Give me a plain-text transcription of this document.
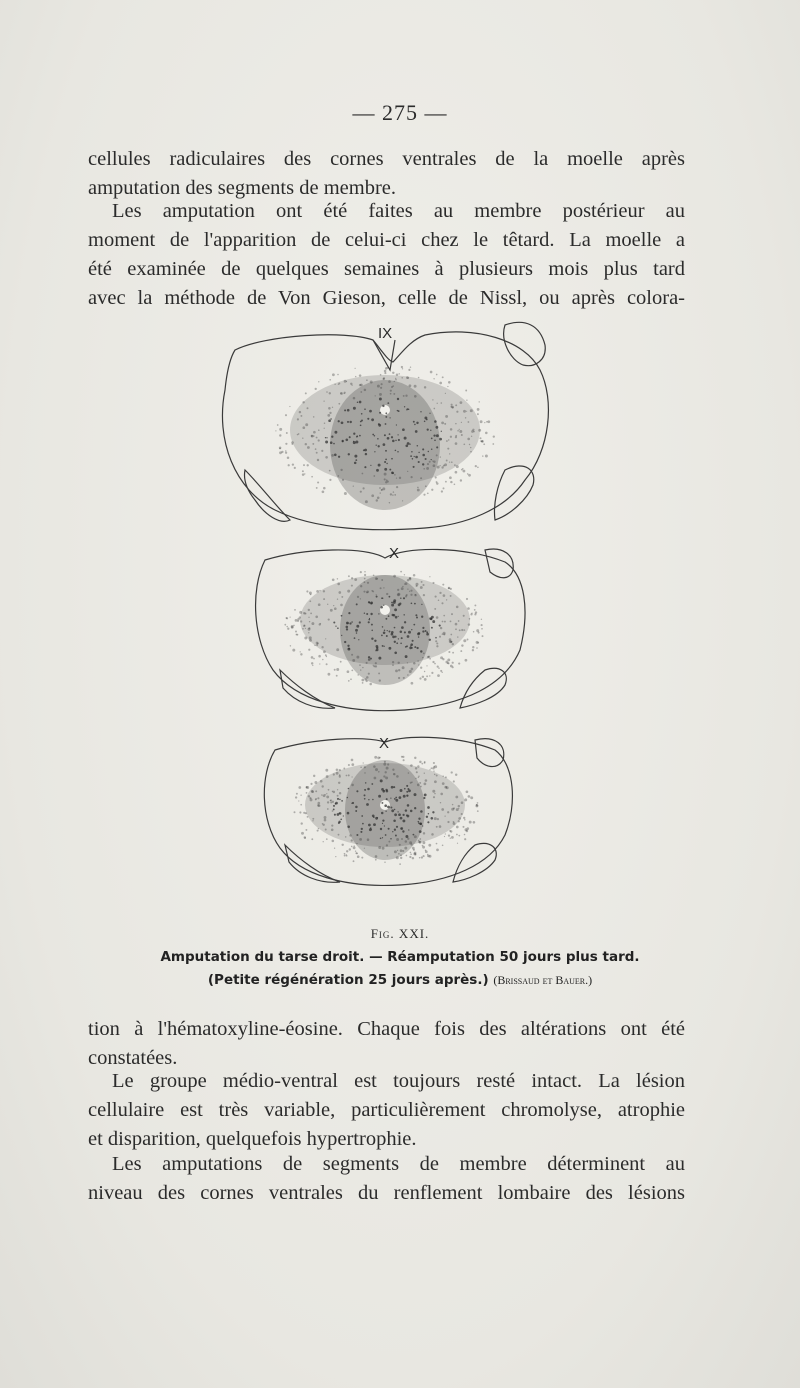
— 275 —

cellules radiculaires des cornes ventrales de la moelle après
amputation des segments de membre.

Les amputation ont été faites au membre postérieur au
moment de l'apparition de celui-ci chez le têtard. La moelle a
été examinée de quelques semaines à plusieurs mois plus tard
avec la méthode de Von Gieson, celle de Nissl, ou après colora-

IX
X
X
Fig. XXI.
Amputation du tarse droit. — Réamputation 50 jours plus tard.
(Petite régénération 25 jours après.) (Brissaud et Bauer.)

tion à l'hématoxyline-éosine. Chaque fois des altérations ont été
constatées.

Le groupe médio-ventral est toujours resté intact. La lésion
cellulaire est très variable, particulièrement chromolyse, atrophie
et disparition, quelquefois hypertrophie.

Les amputations de segments de membre déterminent au
niveau des cornes ventrales du renflement lombaire des lésions
